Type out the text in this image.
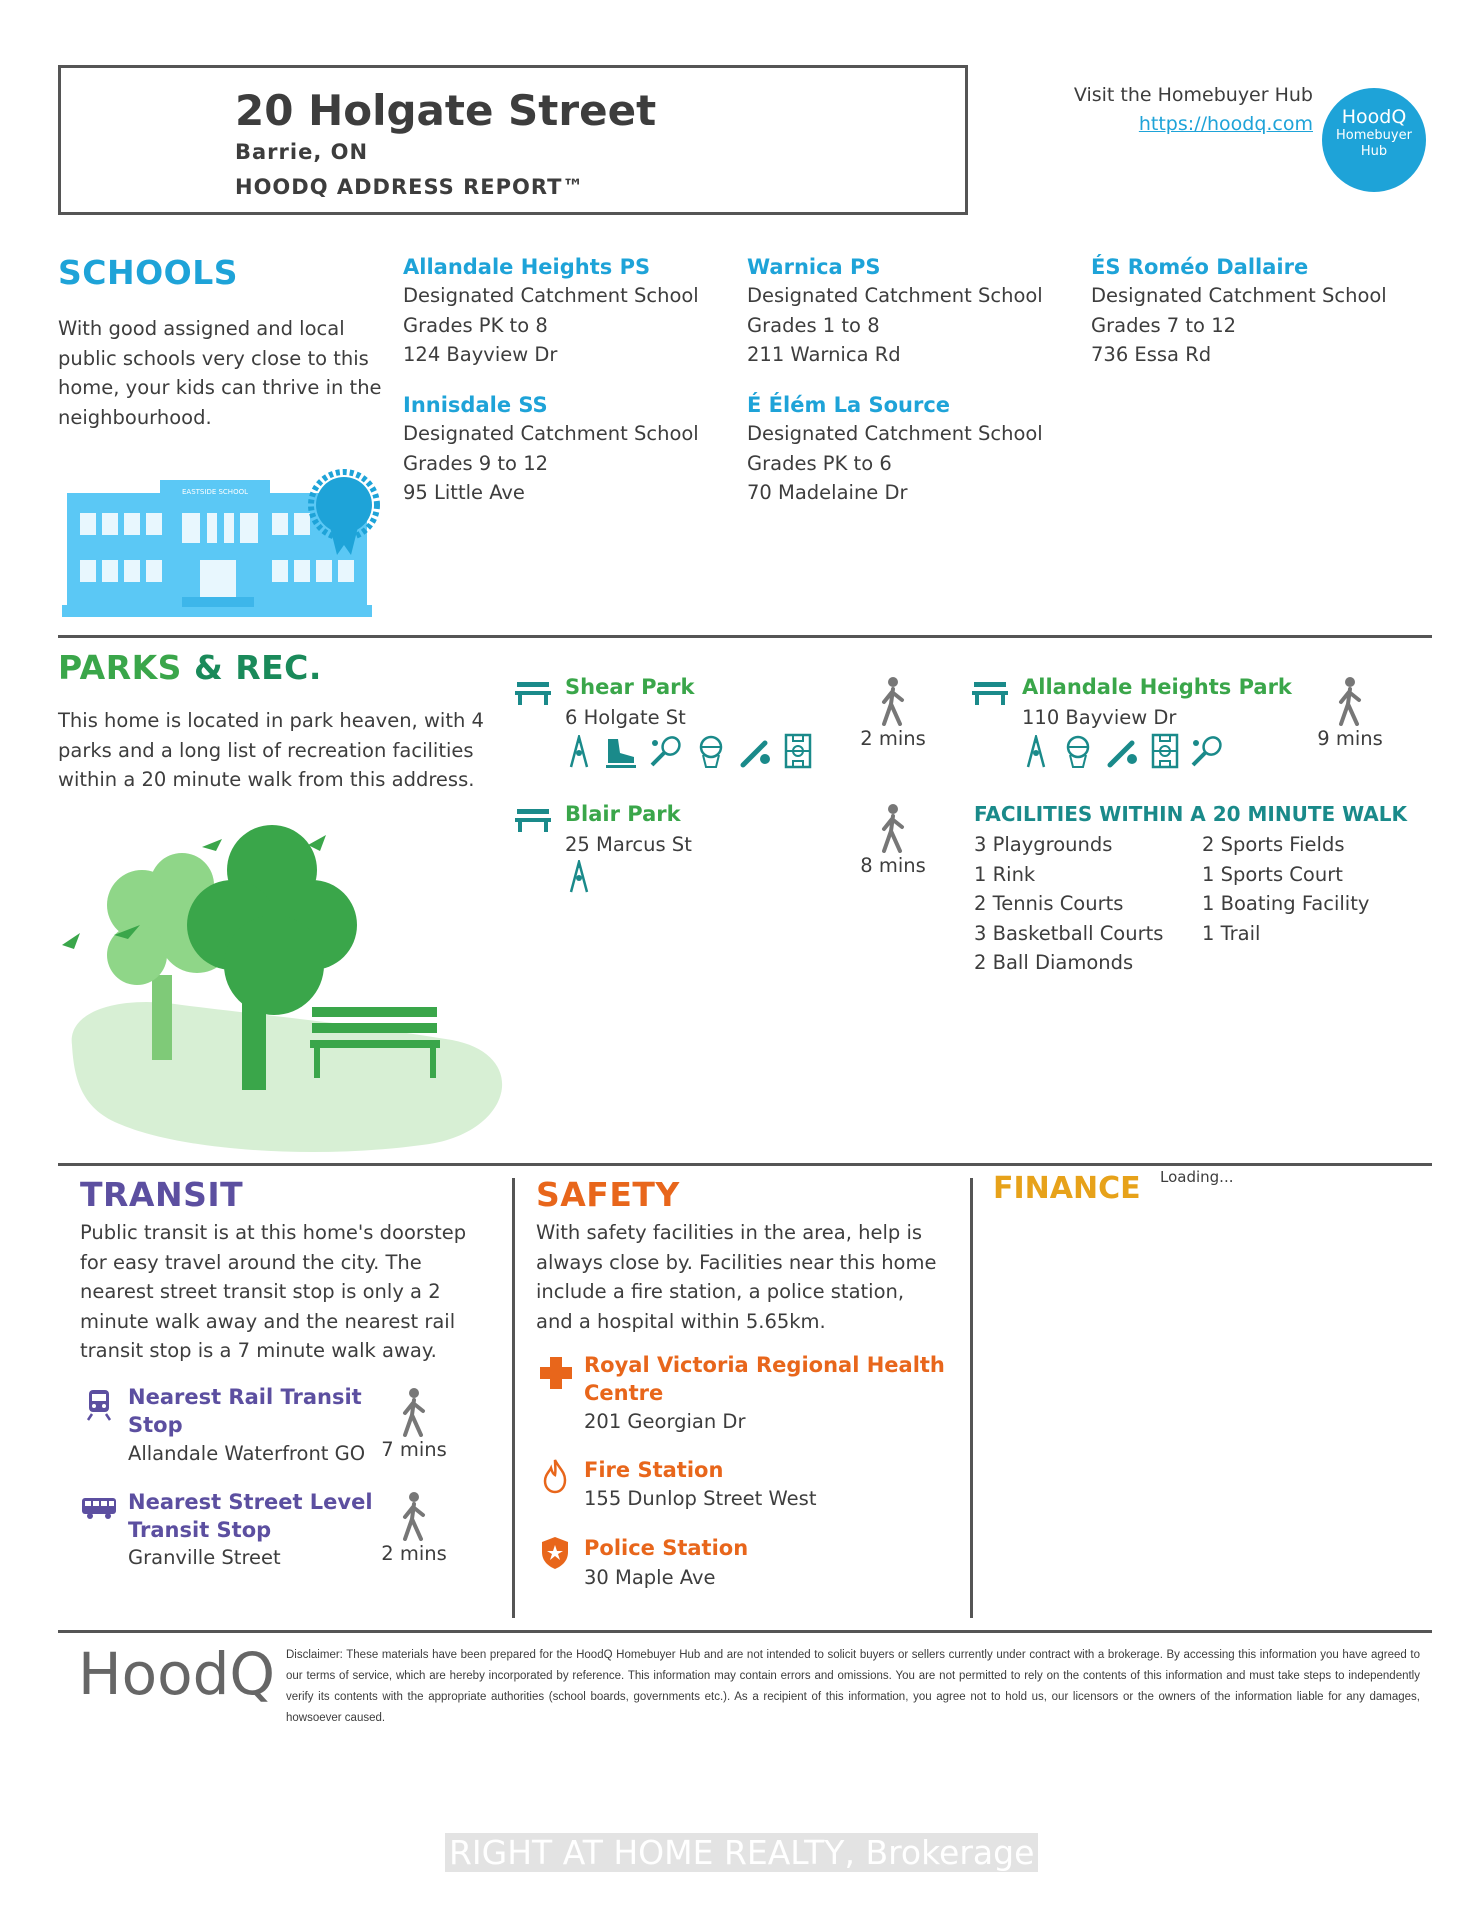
20 Holgate Street
Barrie, ON
HOODQ ADDRESS REPORT™
Visit the Homebuyer Hub
https://hoodq.com	HoodQ
Homebuyer
Hub
SCHOOLS
With good assigned and local public schools very close to this home, your kids can thrive in the neighbourhood.
EASTSIDE SCHOOL
Allandale Heights PS
Designated Catchment School
Grades PK to 8
124 Bayview Dr
Warnica PS
Designated Catchment School
Grades 1 to 8
211 Warnica Rd
ÉS Roméo Dallaire
Designated Catchment School
Grades 7 to 12
736 Essa Rd
Innisdale SS
Designated Catchment School
Grades 9 to 12
95 Little Ave
É Élém La Source
Designated Catchment School
Grades PK to 6
70 Madelaine Dr
PARKS & REC.
This home is located in park heaven, with 4 parks and a long list of recreation facilities within a 20 minute walk from this address.
Shear Park
6 Holgate St

2 mins
Allandale Heights Park
110 Bayview Dr

9 mins
Blair Park
25 Marcus St
8 mins
FACILITIES WITHIN A 20 MINUTE WALK
3 Playgrounds
1 Rink
2 Tennis Courts
3 Basketball Courts
2 Ball Diamonds
2 Sports Fields
1 Sports Court
1 Boating Facility
1 Trail
TRANSIT
Public transit is at this home's doorstep for easy travel around the city. The nearest street transit stop is only a 2 minute walk away and the nearest rail transit stop is a 7 minute walk away.
Nearest Rail Transit
Stop
Allandale Waterfront GO 7 mins
Nearest Street Level
Transit Stop
Granville Street	2 mins
SAFETY
With safety facilities in the area, help is always close by. Facilities near this home include a fire station, a police station, and a hospital within 5.65km.
Royal Victoria Regional Health
Centre
201 Georgian Dr
Fire Station
155 Dunlop Street West
Police Station
30 Maple Ave
FINANCE Loading...
HoodQ Disclaimer: These materials have been prepared for the HoodQ Homebuyer Hub and are not intended to solicit buyers or sellers currently under contract with a brokerage. By accessing this information you have agreed to our terms of service, which are hereby incorporated by reference. This information may contain errors and omissions. You are not permitted to rely on the contents of this information and must take steps to independently verify its contents with the appropriate authorities (school boards, governments etc.). As a recipient of this information, you agree not to hold us, our licensors or the owners of the information liable for any damages, howsoever caused.
RIGHT AT HOME REALTY, Brokerage
